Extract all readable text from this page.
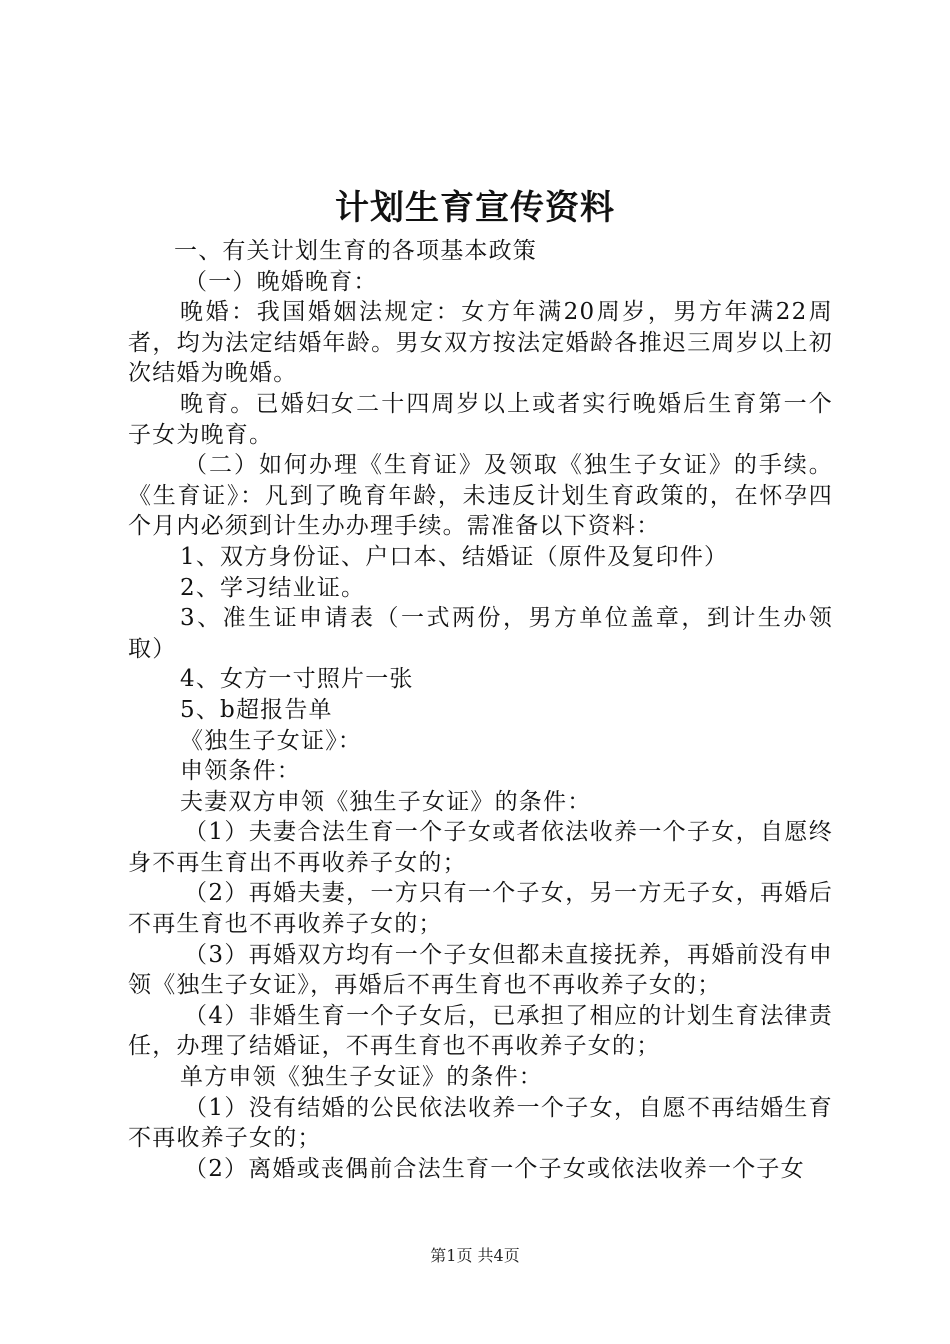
计划生育宣传资料

一、有关计划生育的各项基本政策

（一）晚婚晚育：

晚婚：我国婚姻法规定：女方年满20周岁，男方年满22周者，均为法定结婚年龄。男女双方按法定婚龄各推迟三周岁以上初次结婚为晚婚。

晚育。已婚妇女二十四周岁以上或者实行晚婚后生育第一个子女为晚育。

（二）如何办理《生育证》及领取《独生子女证》的手续。《生育证》：凡到了晚育年龄，未违反计划生育政策的，在怀孕四个月内必须到计生办办理手续。需准备以下资料：

1、双方身份证、户口本、结婚证（原件及复印件）

2、学习结业证。

3、准生证申请表（一式两份，男方单位盖章，到计生办领取）

4、女方一寸照片一张

5、b超报告单

《独生子女证》：

申领条件：

夫妻双方申领《独生子女证》的条件：

（1）夫妻合法生育一个子女或者依法收养一个子女，自愿终身不再生育出不再收养子女的；

（2）再婚夫妻，一方只有一个子女，另一方无子女，再婚后不再生育也不再收养子女的；

（3）再婚双方均有一个子女但都未直接抚养，再婚前没有申领《独生子女证》，再婚后不再生育也不再收养子女的；

（4）非婚生育一个子女后，已承担了相应的计划生育法律责任，办理了结婚证，不再生育也不再收养子女的；

单方申领《独生子女证》的条件：

（1）没有结婚的公民依法收养一个子女，自愿不再结婚生育不再收养子女的；

（2）离婚或丧偶前合法生育一个子女或依法收养一个子女

第1页 共4页
